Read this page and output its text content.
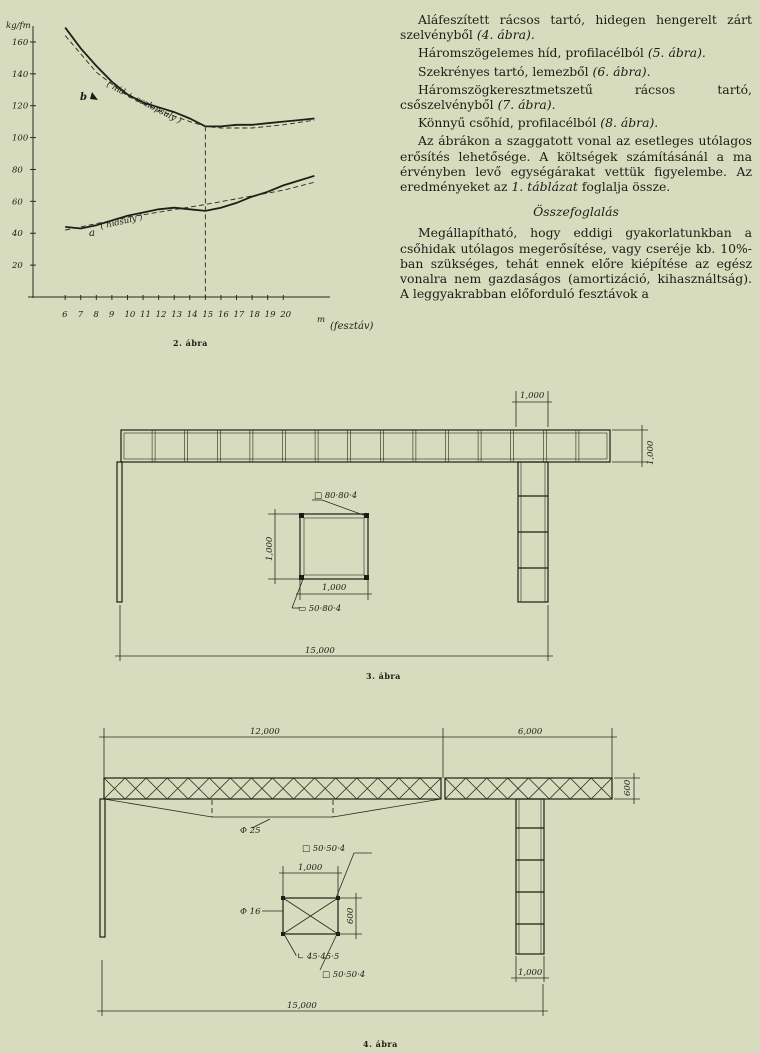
kg/fm
20
40
60
80
100
120
140
160
6 7 8 9 10 11 12 13 14 15 16 17 18 19 20	m
(fesztáv)
b ( híd + oszlopsúly )
a
( hídsúly )
2. ábra

Aláfeszített rácsos tartó, hidegen hengerelt zárt szelvényből (4. ábra).

Háromszögelemes híd, profilacélból (5. ábra).

Szekrényes tartó, lemezből (6. ábra).

Háromszögkeresztmetszetű rácsos tartó, csőszelvényből (7. ábra).

Könnyű csőhíd, profilacélból (8. ábra).

Az ábrákon a szaggatott vonal az esetleges utólagos erősítés lehetősége. A költségek számításánál a ma érvényben levő egységárakat vettük figyelembe. Az eredményeket az 1. táblázat foglalja össze.

Összefoglalás

Megállapítható, hogy eddigi gyakorlatunkban a csőhidak utólagos megerősítése, vagy cseréje kb. 10%-ban szükséges, tehát ennek előre kiépítése az egész vonalra nem gazdaságos (amortizáció, kihasználtság). A leggyakrabban előforduló fesztávok a

1,000
1,000
1,000
1,000
□ 80·80·4
▭ 50·80·4
15,000
3. ábra
12,000	6,000
600
Φ 25
1,000
600
□ 50·50·4
Φ 16
∟ 45·45·5
□ 50·50·4	1,000
15,000
4. ábra
